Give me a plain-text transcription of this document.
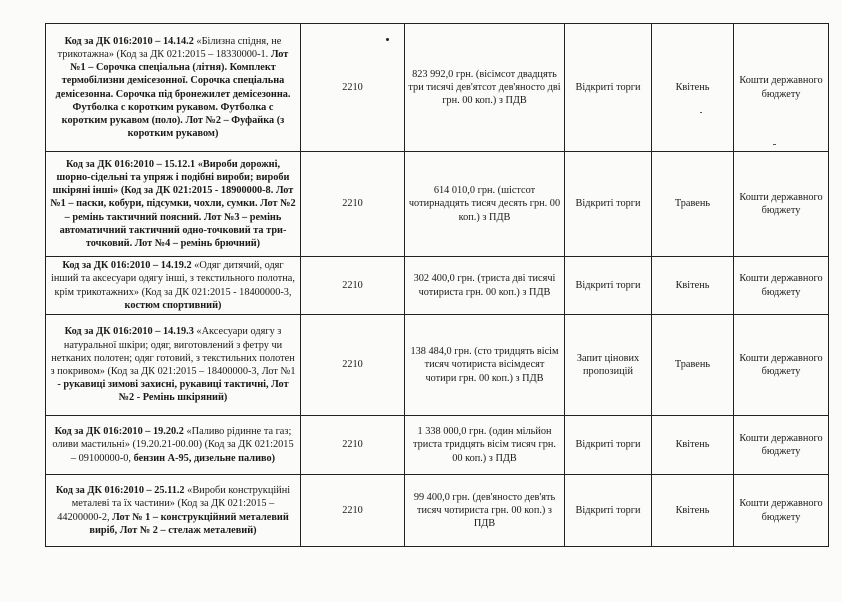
Код за ДК 016:2010 – 14.14.2 «Білизна спідня, не трикотажна» (Код за ДК 021:2015 – 18330000-1. Лот №1 – Сорочка спеціальна (літня). Комплект термобілизни демісезонної. Сорочка спеціальна демісезонна. Сорочка під бронежилет демісезонна. Футболка с коротким рукавом. Футболка с коротким рукавом (поло). Лот №2 – Фуфайка (з коротким рукавом)	2210	823 992,0 грн. (вісімсот двадцять три тисячі дев'ятсот дев'яносто дві грн. 00 коп.) з ПДВ	Відкриті торги	Квітень	Кошти державного бюджету
Код за ДК 016:2010 – 15.12.1 «Вироби дорожні, шорно-сідельні та упряж і подібні вироби; вироби шкіряні інші» (Код за ДК 021:2015 - 18900000-8. Лот №1 – паски, кобури, підсумки, чохли, сумки. Лот №2 – ремінь тактичний поясний. Лот №3 – ремінь автоматичний тактичний одно-точковий та три-точковий. Лот №4 – ремінь брючний)	2210	614 010,0 грн. (шістсот чотирнадцять тисяч десять грн. 00 коп.) з ПДВ	Відкриті торги	Травень	Кошти державного бюджету
Код за ДК 016:2010 – 14.19.2 «Одяг дитячий, одяг інший та аксесуари одягу інші, з текстильного полотна, крім трикотажних» (Код за ДК 021:2015 - 18400000-3, костюм спортивний)	2210	302 400,0 грн. (триста дві тисячі чотириста грн. 00 коп.) з ПДВ	Відкриті торги	Квітень	Кошти державного бюджету
Код за ДК 016:2010 – 14.19.3 «Аксесуари одягу з натуральної шкіри; одяг, виготовлений з фетру чи нетканих полотен; одяг готовий, з текстильних полотен з покривом» (Код за ДК 021:2015 – 18400000-3, Лот №1 - рукавиці зимові захисні, рукавиці тактичні, Лот №2 - Ремінь шкіряний)	2210	138 484,0 грн. (сто тридцять вісім тисяч чотириста вісімдесят чотири грн. 00 коп.) з ПДВ	Запит цінових пропозицій	Травень	Кошти державного бюджету
Код за ДК 016:2010 – 19.20.2 «Паливо рідинне та газ; оливи мастильні» (19.20.21-00.00) (Код за ДК 021:2015 – 09100000-0, бензин А-95, дизельне паливо)	2210	1 338 000,0 грн. (один мільйон триста тридцять вісім тисяч грн. 00 коп.) з ПДВ	Відкриті торги	Квітень	Кошти державного бюджету
Код за ДК 016:2010 – 25.11.2 «Вироби конструкційні металеві та їх частини» (Код за ДК 021:2015 – 44200000-2, Лот № 1 – конструкційний металевий виріб, Лот № 2 – стелаж металевий)	2210	99 400,0 грн. (дев'яносто дев'ять тисяч чотириста грн. 00 коп.) з ПДВ	Відкриті торги	Квітень	Кошти державного бюджету
